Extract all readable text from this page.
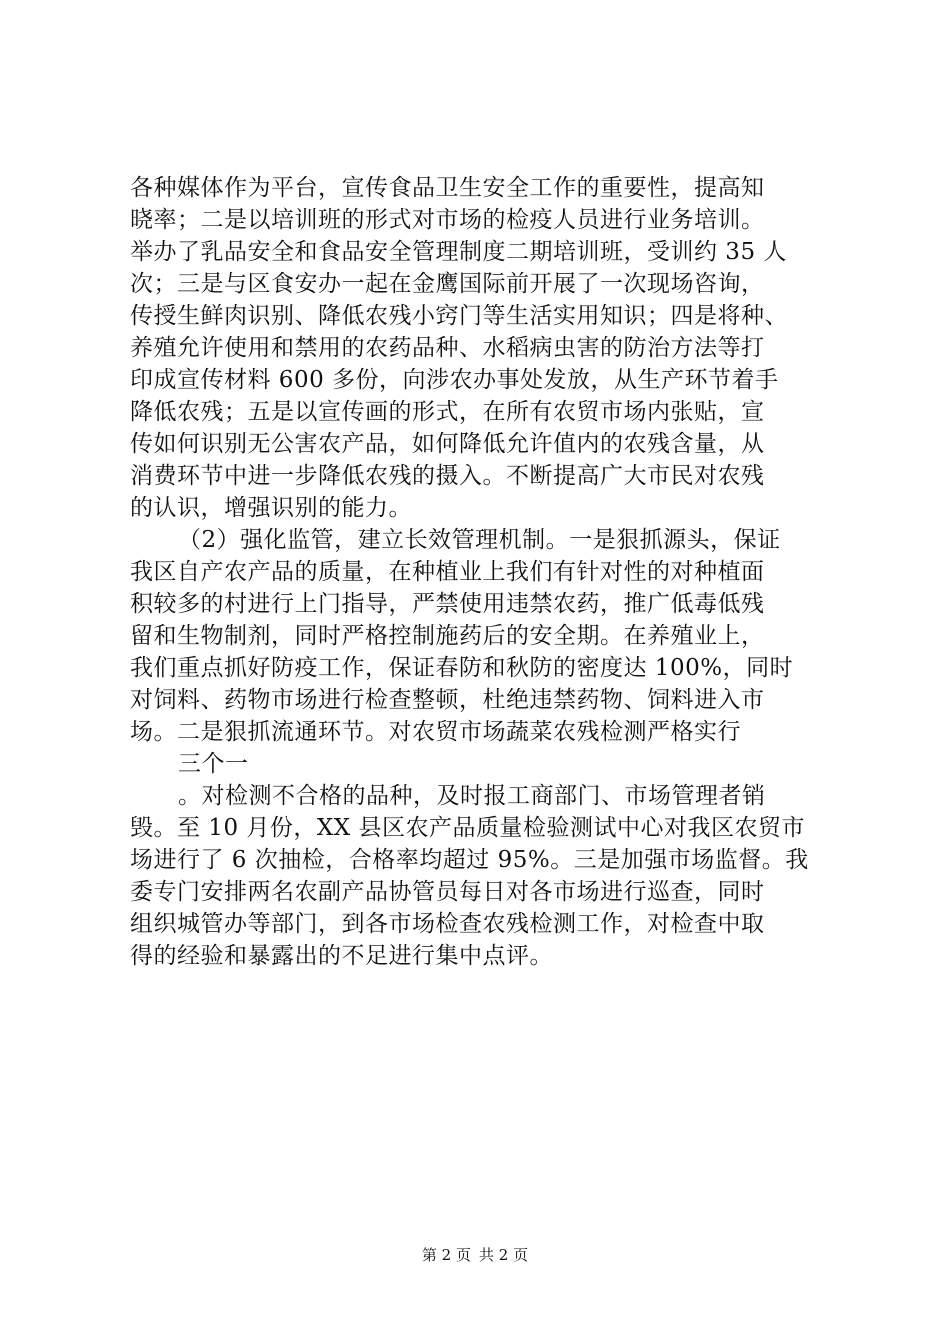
各种媒体作为平台，宣传食品卫生安全工作的重要性，提高知
晓率；二是以培训班的形式对市场的检疫人员进行业务培训。
举办了乳品安全和食品安全管理制度二期培训班，受训约 35 人
次；三是与区食安办一起在金鹰国际前开展了一次现场咨询，
传授生鲜肉识别、降低农残小窍门等生活实用知识；四是将种、
养殖允许使用和禁用的农药品种、水稻病虫害的防治方法等打
印成宣传材料 600 多份，向涉农办事处发放，从生产环节着手
降低农残；五是以宣传画的形式，在所有农贸市场内张贴，宣
传如何识别无公害农产品，如何降低允许值内的农残含量，从
消费环节中进一步降低农残的摄入。不断提高广大市民对农残
的认识，增强识别的能力。
（2）强化监管，建立长效管理机制。一是狠抓源头，保证
我区自产农产品的质量，在种植业上我们有针对性的对种植面
积较多的村进行上门指导，严禁使用违禁农药，推广低毒低残
留和生物制剂，同时严格控制施药后的安全期。在养殖业上，
我们重点抓好防疫工作，保证春防和秋防的密度达 100%，同时
对饲料、药物市场进行检查整顿，杜绝违禁药物、饲料进入市
场。二是狠抓流通环节。对农贸市场蔬菜农残检测严格实行
三个一
。对检测不合格的品种，及时报工商部门、市场管理者销
毁。至 10 月份，XX 县区农产品质量检验测试中心对我区农贸市
场进行了 6 次抽检，合格率均超过 95%。三是加强市场监督。我
委专门安排两名农副产品协管员每日对各市场进行巡查，同时
组织城管办等部门，到各市场检查农残检测工作，对检查中取
得的经验和暴露出的不足进行集中点评。
第 2 页 共 2 页
